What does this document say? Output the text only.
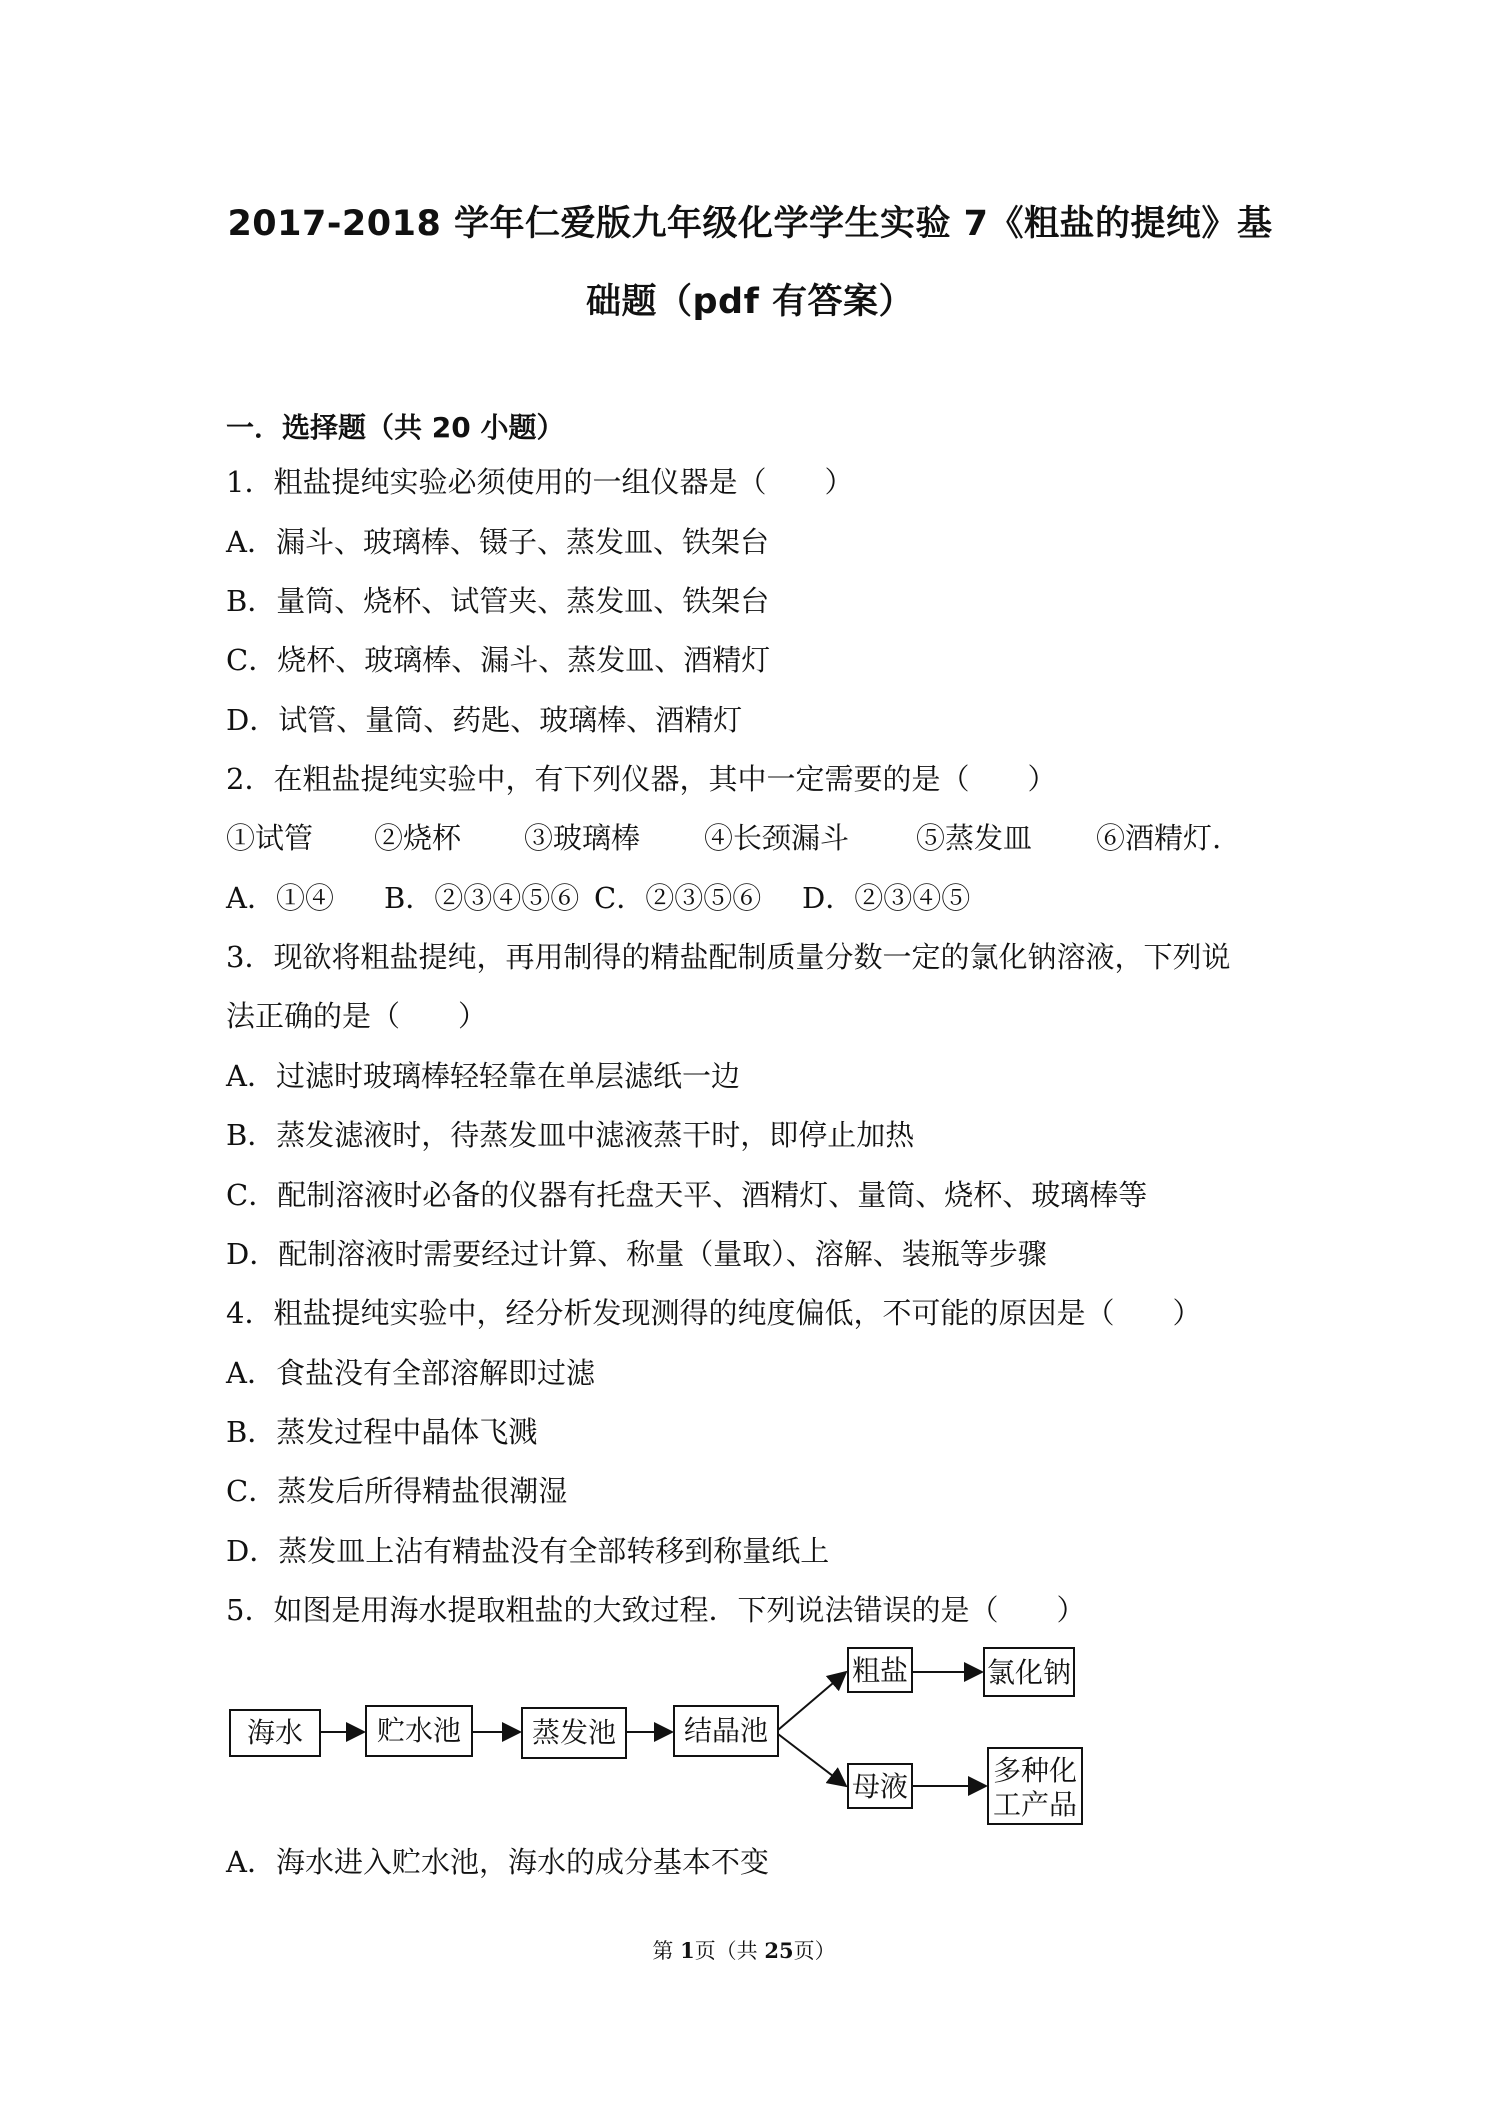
2017-2018 学年仁爱版九年级化学学生实验 7《粗盐的提纯》基
础题（pdf 有答案）
一．选择题（共 20 小题）
1．粗盐提纯实验必须使用的一组仪器是（　　）
A．漏斗、玻璃棒、镊子、蒸发皿、铁架台
B．量筒、烧杯、试管夹、蒸发皿、铁架台
C．烧杯、玻璃棒、漏斗、蒸发皿、酒精灯
D．试管、量筒、药匙、玻璃棒、酒精灯
2．在粗盐提纯实验中，有下列仪器，其中一定需要的是（　　）
①试管 ②烧杯 ③玻璃棒 ④长颈漏斗 ⑤蒸发皿 ⑥酒精灯.
A．①④ B．②③④⑤⑥ C．②③⑤⑥ D．②③④⑤
3．现欲将粗盐提纯，再用制得的精盐配制质量分数一定的氯化钠溶液，下列说
法正确的是（　　）
A．过滤时玻璃棒轻轻靠在单层滤纸一边
B．蒸发滤液时，待蒸发皿中滤液蒸干时，即停止加热
C．配制溶液时必备的仪器有托盘天平、酒精灯、量筒、烧杯、玻璃棒等
D．配制溶液时需要经过计算、称量（量取）、溶解、装瓶等步骤
4．粗盐提纯实验中，经分析发现测得的纯度偏低，不可能的原因是（　　）
A．食盐没有全部溶解即过滤
B．蒸发过程中晶体飞溅
C．蒸发后所得精盐很潮湿
D．蒸发皿上沾有精盐没有全部转移到称量纸上
5．如图是用海水提取粗盐的大致过程．下列说法错误的是（　　）
海水	贮水池	蒸发池 结晶池
粗盐	氯化钠
母液	多种化
工产品
A．海水进入贮水池，海水的成分基本不变
第 1页（共 25页）
